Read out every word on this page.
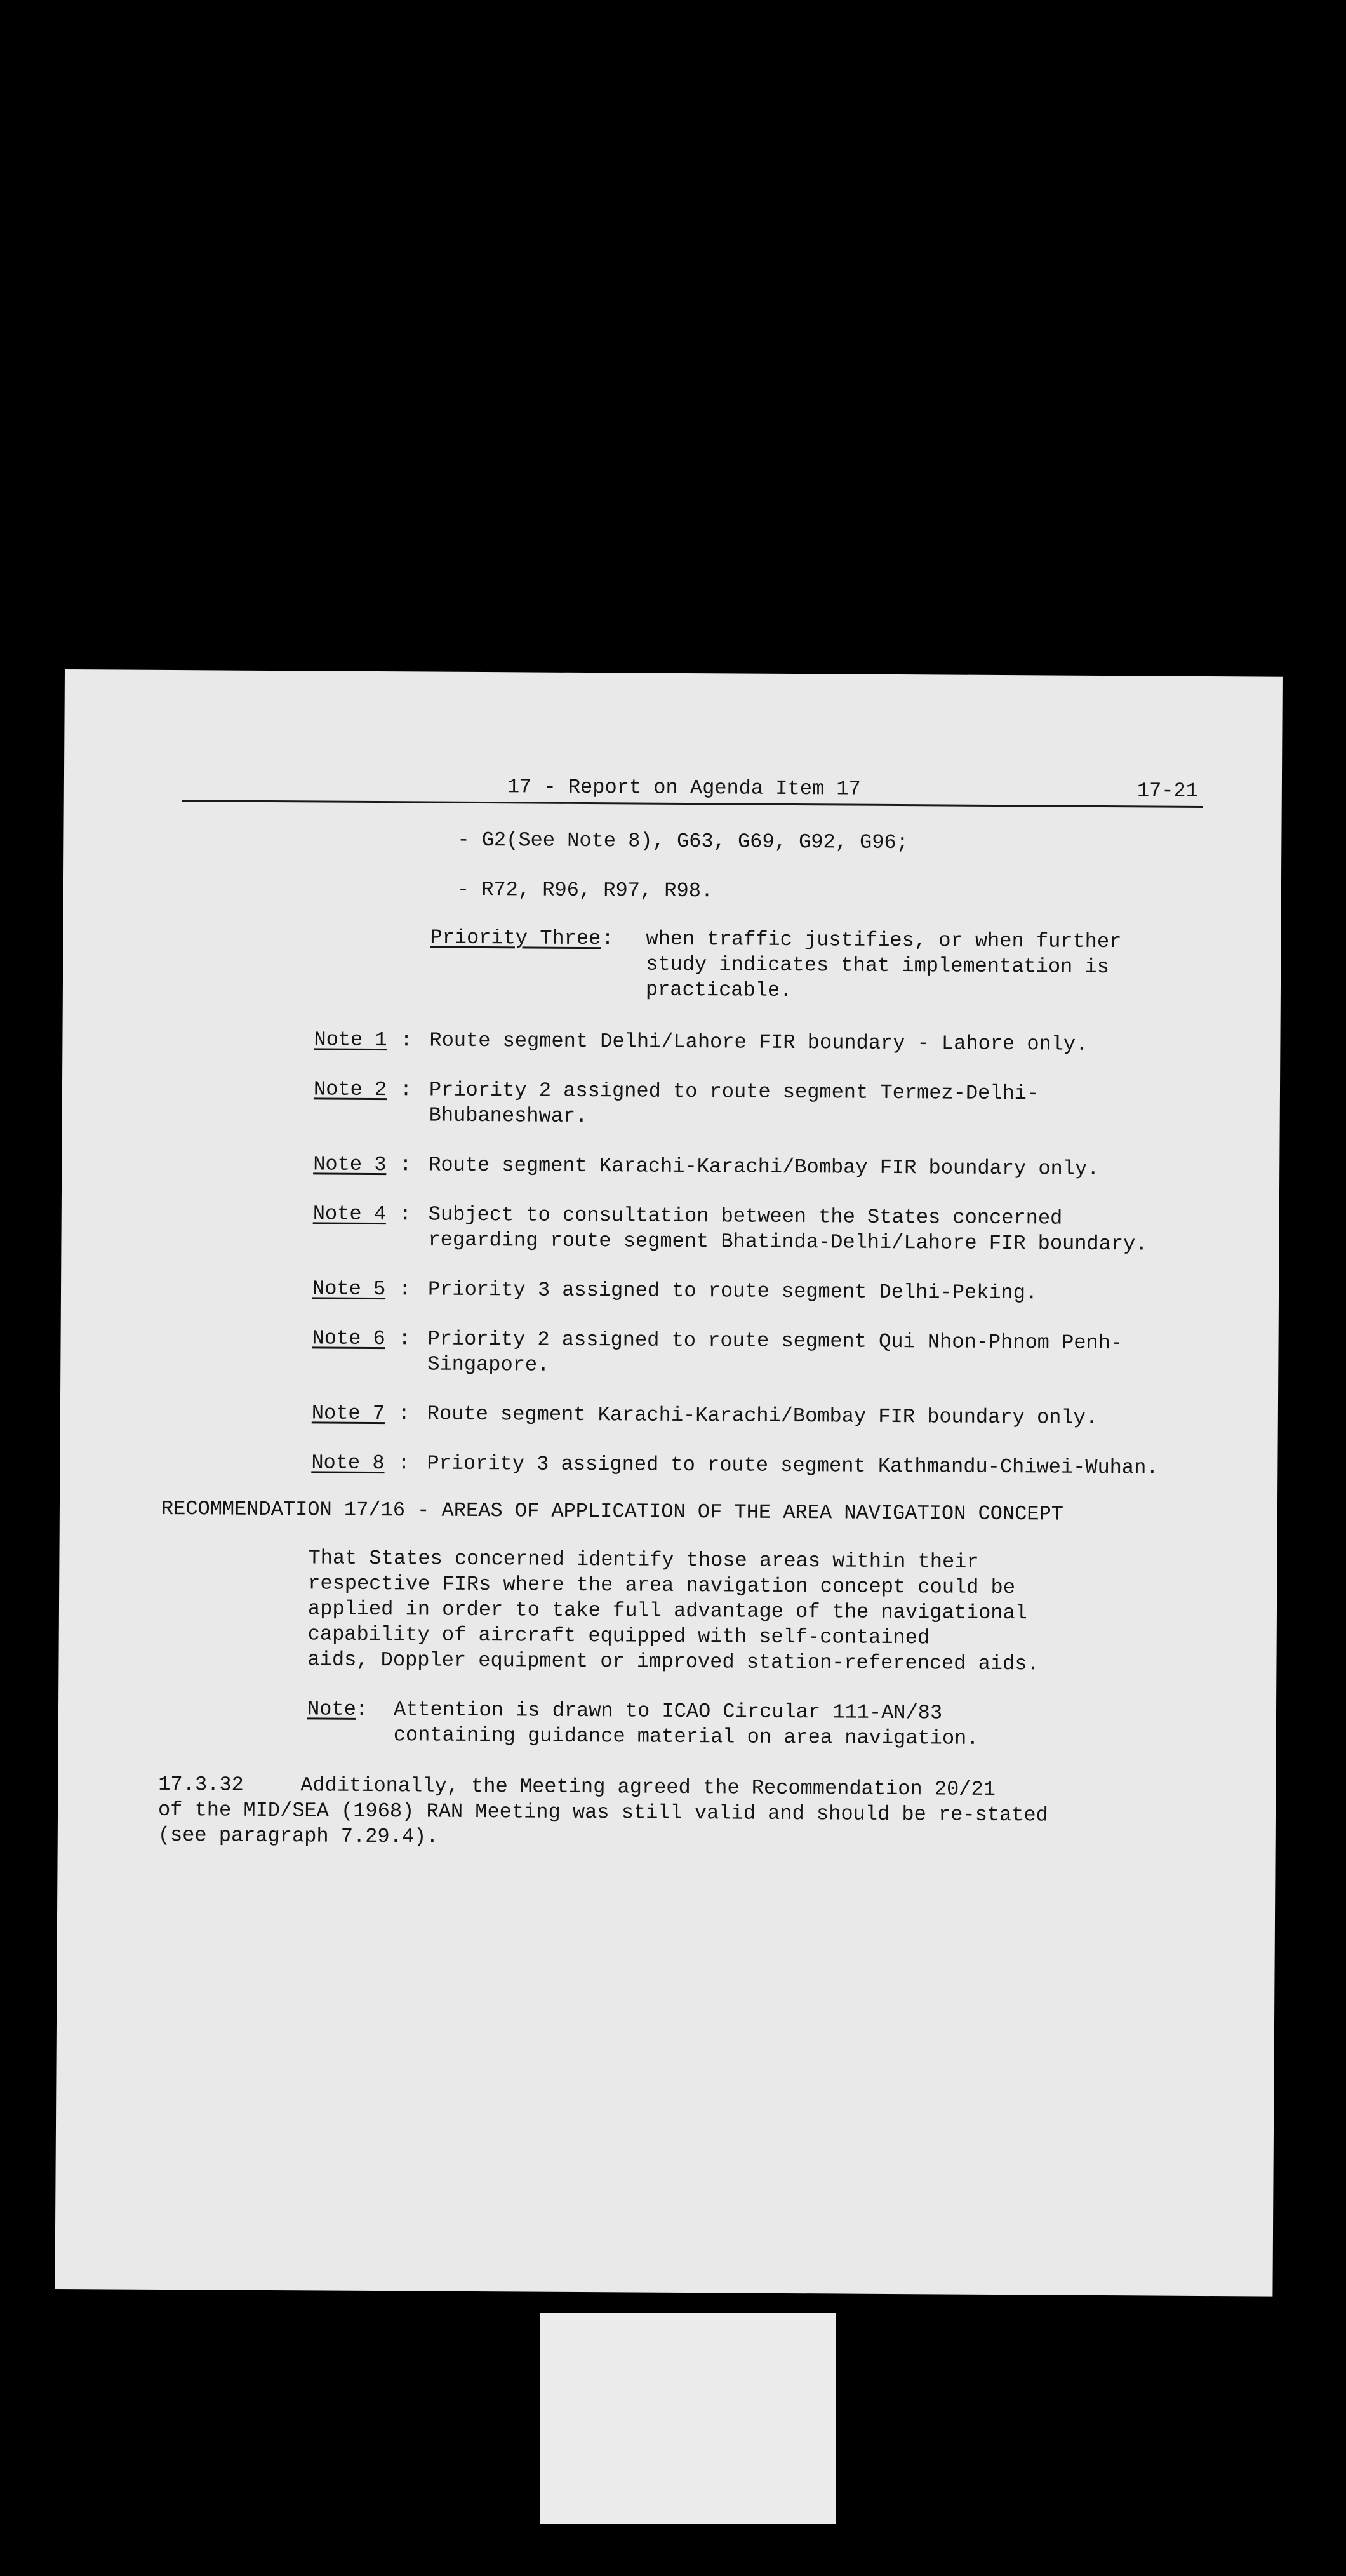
17 - Report on Agenda Item 17	17-21
- G2(See Note 8), G63, G69, G92, G96;
- R72, R96, R97, R98.
Priority Three : when traffic justifies, or when further
study indicates that implementation is
practicable.
Note 1 : Route segment Delhi/Lahore FIR boundary - Lahore only.
Note 2 : Priority 2 assigned to route segment Termez-Delhi-
Bhubaneshwar.
Note 3 : Route segment Karachi-Karachi/Bombay FIR boundary only.
Note 4 : Subject to consultation between the States concerned
regarding route segment Bhatinda-Delhi/Lahore FIR boundary.
Note 5 : Priority 3 assigned to route segment Delhi-Peking.
Note 6 : Priority 2 assigned to route segment Qui Nhon-Phnom Penh-
Singapore.
Note 7 : Route segment Karachi-Karachi/Bombay FIR boundary only.
Note 8 : Priority 3 assigned to route segment Kathmandu-Chiwei-Wuhan.
RECOMMENDATION 17/16 - AREAS OF APPLICATION OF THE AREA NAVIGATION CONCEPT
That States concerned identify those areas within their
respective FIRs where the area navigation concept could be
applied in order to take full advantage of the navigational
capability of aircraft equipped with self-contained
aids, Doppler equipment or improved station-referenced aids.
Note
: Attention is drawn to ICAO Circular 111-AN/83
containing guidance material on area navigation.
17.3.32	Additionally, the Meeting agreed the Recommendation 20/21
of the MID/SEA (1968) RAN Meeting was still valid and should be re-stated
(see paragraph 7.29.4).
